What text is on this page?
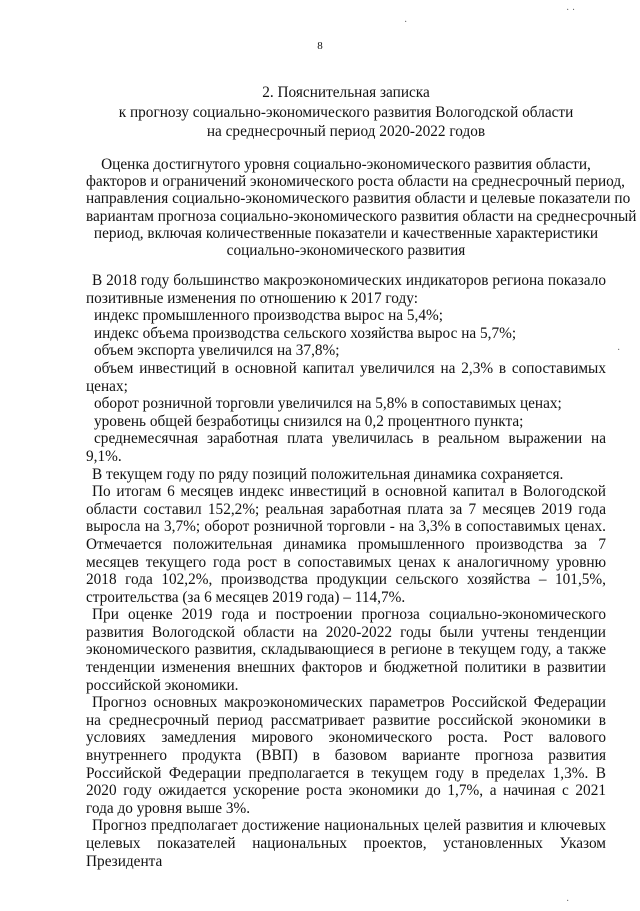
8
2. Пояснительная записка
к прогнозу социально-экономического развития Вологодской области
на среднесрочный период 2020-2022 годов
Оценка достигнутого уровня социально-экономического развития области,
факторов и ограничений экономического роста области на среднесрочный период,
направления социально-экономического развития области и целевые показатели по
вариантам прогноза социально-экономического развития области на среднесрочный
период, включая количественные показатели и качественные характеристики
социально-экономического развития

В 2018 году большинство макроэкономических индикаторов региона показало позитивные изменения по отношению к 2017 году:

индекс промышленного производства вырос на 5,4%;

индекс объема производства сельского хозяйства вырос на 5,7%;

объем экспорта увеличился на 37,8%;

объем инвестиций в основной капитал увеличился на 2,3% в сопоставимых ценах;

оборот розничной торговли увеличился на 5,8% в сопоставимых ценах;

уровень общей безработицы снизился на 0,2 процентного пункта;

среднемесячная заработная плата увеличилась в реальном выражении на 9,1%.

В текущем году по ряду позиций положительная динамика сохраняется.

По итогам 6 месяцев индекс инвестиций в основной капитал в Вологодской области составил 152,2%; реальная заработная плата за 7 месяцев 2019 года выросла на 3,7%; оборот розничной торговли - на 3,3% в сопоставимых ценах. Отмечается положительная динамика промышленного производства за 7 месяцев текущего года рост в сопоставимых ценах к аналогичному уровню 2018 года 102,2%, производства продукции сельского хозяйства – 101,5%, строительства (за 6 месяцев 2019 года) – 114,7%.

При оценке 2019 года и построении прогноза социально-экономического развития Вологодской области на 2020-2022 годы были учтены тенденции экономического развития, складывающиеся в регионе в текущем году, а также тенденции изменения внешних факторов и бюджетной политики в развитии российской экономики.

Прогноз основных макроэкономических параметров Российской Федерации на среднесрочный период рассматривает развитие российской экономики в условиях замедления мирового экономического роста. Рост валового внутреннего продукта (ВВП) в базовом варианте прогноза развития Российской Федерации предполагается в текущем году в пределах 1,3%. В 2020 году ожидается ускорение роста экономики до 1,7%, а начиная с 2021 года до уровня выше 3%.

Прогноз предполагает достижение национальных целей развития и ключевых целевых показателей национальных проектов, установленных Указом Президента

·
· ·
·
·
